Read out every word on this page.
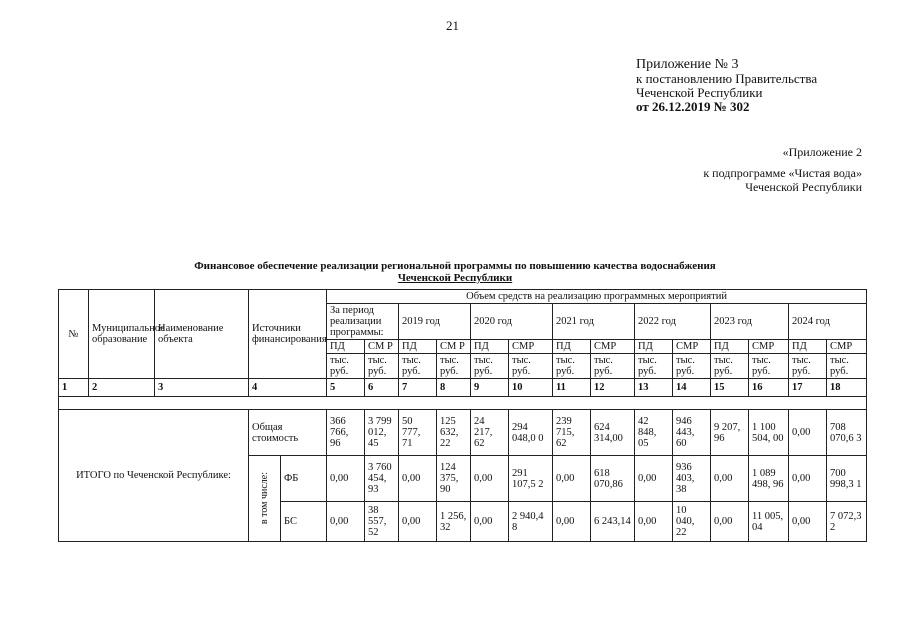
21
Приложение № 3
к постановлению Правительства
Чеченской Республики
от 26.12.2019 № 302
«Приложение 2
к подпрограмме «Чистая вода»
Чеченской Республики
Финансовое обеспечение реализации региональной программы по повышению качества водоснабжения
Чеченской Республики
№	Муниципальное образование	Наименование объекта	Источники финансирования		Объем средств на реализацию программных мероприятий													
					За период реализации программы:		2019 год		2020 год		2021 год		2022 год		2023 год		2024 год	
					ПД	СМ Р	ПД	СМ Р	ПД	СМР	ПД	СМР	ПД	СМР	ПД	СМР	ПД	СМР
					тыс. руб.	тыс. руб.	тыс. руб.	тыс. руб.	тыс. руб.	тыс. руб.	тыс. руб.	тыс. руб.	тыс. руб.	тыс. руб.	тыс. руб.	тыс. руб.	тыс. руб.	тыс. руб.
1	2	3	4		5	6	7	8	9	10	11	12	13	14	15	16	17	18

ИТОГО по Чеченской Республике:			Общая стоимость		366 766, 96	3 799 012, 45	50 777, 71	125 632, 22	24 217, 62	294 048,0 0	239 715, 62	624 314,00	42 848, 05	946 443, 60	9 207, 96	1 100 504, 00	0,00	708 070,6 3

			в том числе:	ФБ	0,00	3 760 454, 93	0,00	124 375, 90	0,00	291 107,5 2	0,00	618 070,86	0,00	936 403, 38	0,00	1 089 498, 96	0,00	700 998,3 1
				БС	0,00	38 557, 52	0,00	1 256, 32	0,00	2 940,4 8	0,00	6 243,14	0,00	10 040, 22	0,00	11 005, 04	0,00	7 072,3 2
